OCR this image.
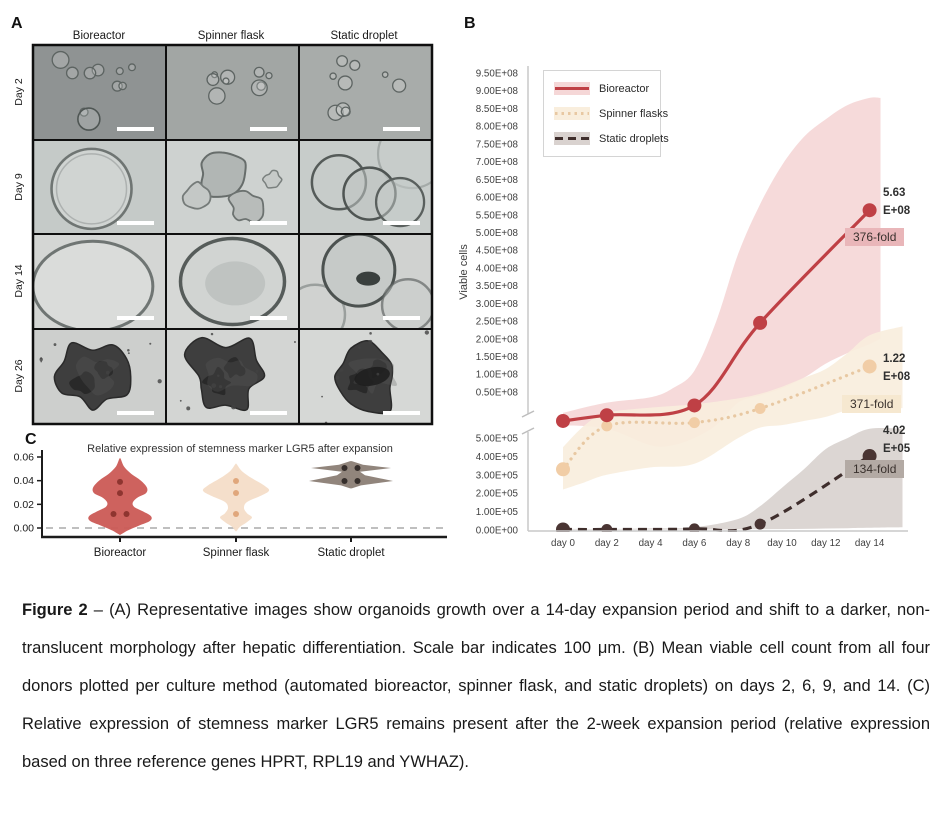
A	B
C
Bioreactor	Spinner flask	Static droplet
Day 2
Day 9
Day 14
Day 26
Viable cells
Relative expression of stemness marker LGR5 after expansion
9.50E+08
9.00E+08
8.50E+08
8.00E+08
7.50E+08
7.00E+08
6.50E+08
6.00E+08
5.50E+08
5.00E+08
4.50E+08
4.00E+08
3.50E+08
3.00E+08
2.50E+08
2.00E+08
1.50E+08
1.00E+08
0.50E+08
5.00E+05
4.00E+05
3.00E+05
2.00E+05
1.00E+05
0.00E+00
day 0 day 2 day 4 day 6 day 8 day 10 day 12 day 14
0.06
0.04
0.02
0.00
Bioreactor	Spinner flask	Static droplet
Bioreactor
Spinner flasks
Static droplets
5.63
E+08
376-fold
1.22
E+08
371-fold
4.02
E+05
134-fold
Figure 2 – (A) Representative images show organoids growth over a 14-day expansion period and shift to a darker, non-translucent morphology after hepatic differentiation. Scale bar indicates 100 μm. (B) Mean viable cell count from all four donors plotted per culture method (automated bioreactor, spinner flask, and static droplets) on days 2, 6, 9, and 14. (C) Relative expression of stemness marker LGR5 remains present after the 2-week expansion period (relative expression based on three reference genes HPRT, RPL19 and YWHAZ).
